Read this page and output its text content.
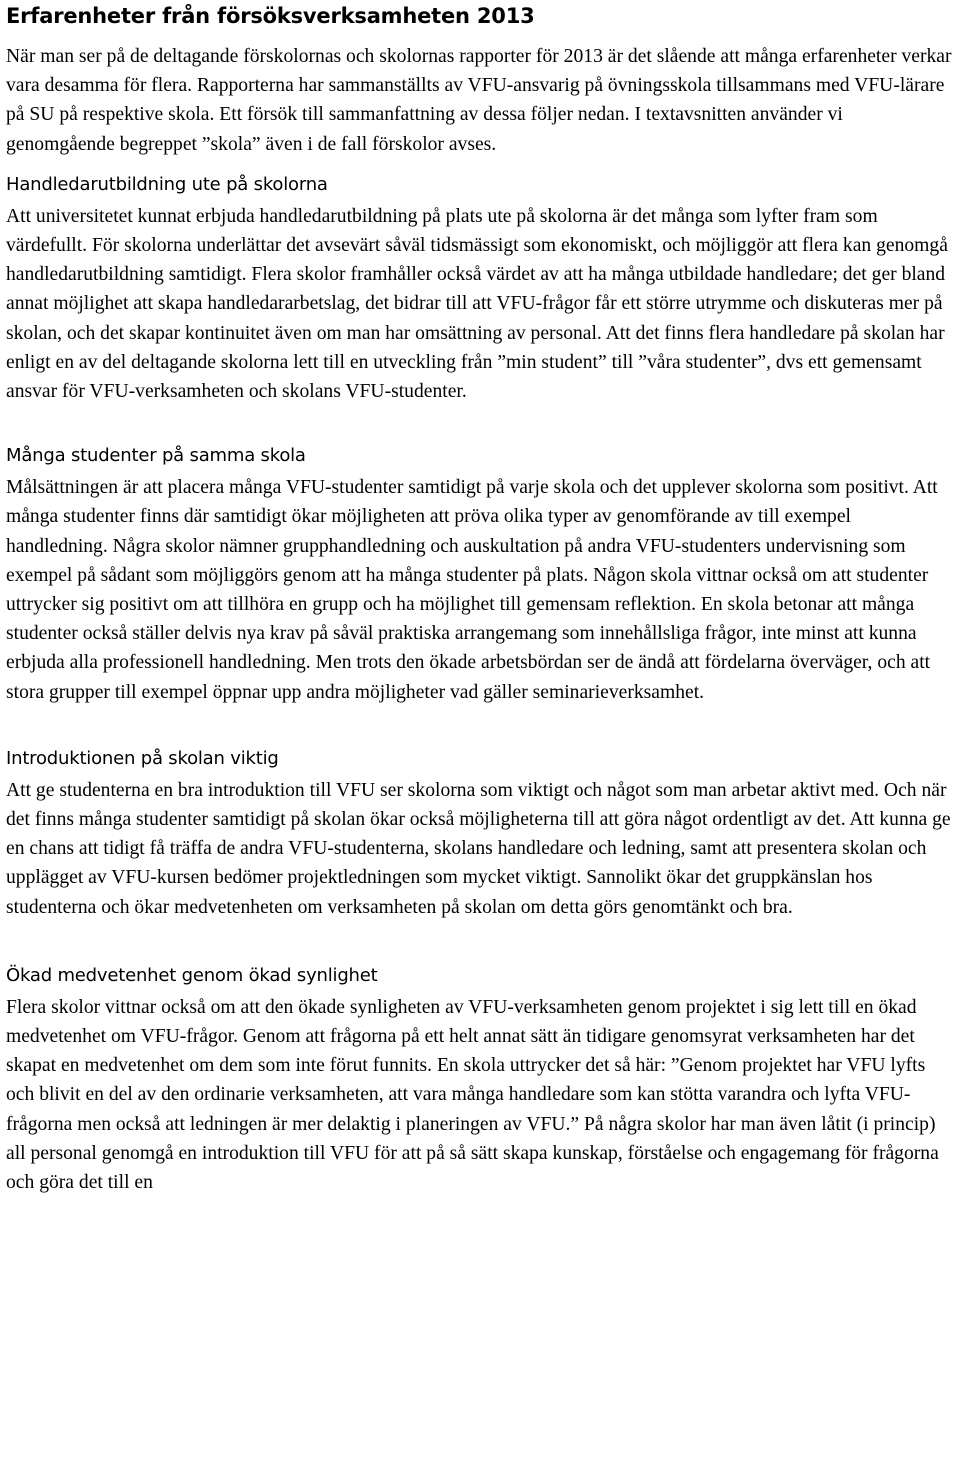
Erfarenheter från försöksverksamheten 2013

När man ser på de deltagande förskolornas och skolornas rapporter för 2013 är det slående att många erfarenheter verkar vara desamma för flera. Rapporterna har sammanställts av VFU-ansvarig på övningsskola tillsammans med VFU-lärare på SU på respektive skola. Ett försök till sammanfattning av dessa följer nedan. I textavsnitten använder vi genomgående begreppet ”skola” även i de fall förskolor avses.

Handledarutbildning ute på skolorna

Att universitetet kunnat erbjuda handledarutbildning på plats ute på skolorna är det många som lyfter fram som värdefullt. För skolorna underlättar det avsevärt såväl tidsmässigt som ekonomiskt, och möjliggör att flera kan genomgå handledarutbildning samtidigt. Flera skolor framhåller också värdet av att ha många utbildade handledare; det ger bland annat möjlighet att skapa handledararbetslag, det bidrar till att VFU-frågor får ett större utrymme och diskuteras mer på skolan, och det skapar kontinuitet även om man har omsättning av personal. Att det finns flera handledare på skolan har enligt en av del deltagande skolorna lett till en utveckling från ”min student” till ”våra studenter”, dvs ett gemensamt ansvar för VFU-verksamheten och skolans VFU-studenter.

Många studenter på samma skola

Målsättningen är att placera många VFU-studenter samtidigt på varje skola och det upplever skolorna som positivt. Att många studenter finns där samtidigt ökar möjligheten att pröva olika typer av genomförande av till exempel handledning. Några skolor nämner grupphandledning och auskultation på andra VFU-studenters undervisning som exempel på sådant som möjliggörs genom att ha många studenter på plats. Någon skola vittnar också om att studenter uttrycker sig positivt om att tillhöra en grupp och ha möjlighet till gemensam reflektion. En skola betonar att många studenter också ställer delvis nya krav på såväl praktiska arrangemang som innehållsliga frågor, inte minst att kunna erbjuda alla professionell handledning. Men trots den ökade arbetsbördan ser de ändå att fördelarna överväger, och att stora grupper till exempel öppnar upp andra möjligheter vad gäller seminarieverksamhet.

Introduktionen på skolan viktig

Att ge studenterna en bra introduktion till VFU ser skolorna som viktigt och något som man arbetar aktivt med. Och när det finns många studenter samtidigt på skolan ökar också möjligheterna till att göra något ordentligt av det. Att kunna ge en chans att tidigt få träffa de andra VFU-studenterna, skolans handledare och ledning, samt att presentera skolan och upplägget av VFU-kursen bedömer projektledningen som mycket viktigt. Sannolikt ökar det gruppkänslan hos studenterna och ökar medvetenheten om verksamheten på skolan om detta görs genomtänkt och bra.

Ökad medvetenhet genom ökad synlighet

Flera skolor vittnar också om att den ökade synligheten av VFU-verksamheten genom projektet i sig lett till en ökad medvetenhet om VFU-frågor. Genom att frågorna på ett helt annat sätt än tidigare genomsyrat verksamheten har det skapat en medvetenhet om dem som inte förut funnits. En skola uttrycker det så här: ”Genom projektet har VFU lyfts och blivit en del av den ordinarie verksamheten, att vara många handledare som kan stötta varandra och lyfta VFU-frågorna men också att ledningen är mer delaktig i planeringen av VFU.” På några skolor har man även låtit (i princip) all personal genomgå en introduktion till VFU för att på så sätt skapa kunskap, förståelse och engagemang för frågorna och göra det till en
